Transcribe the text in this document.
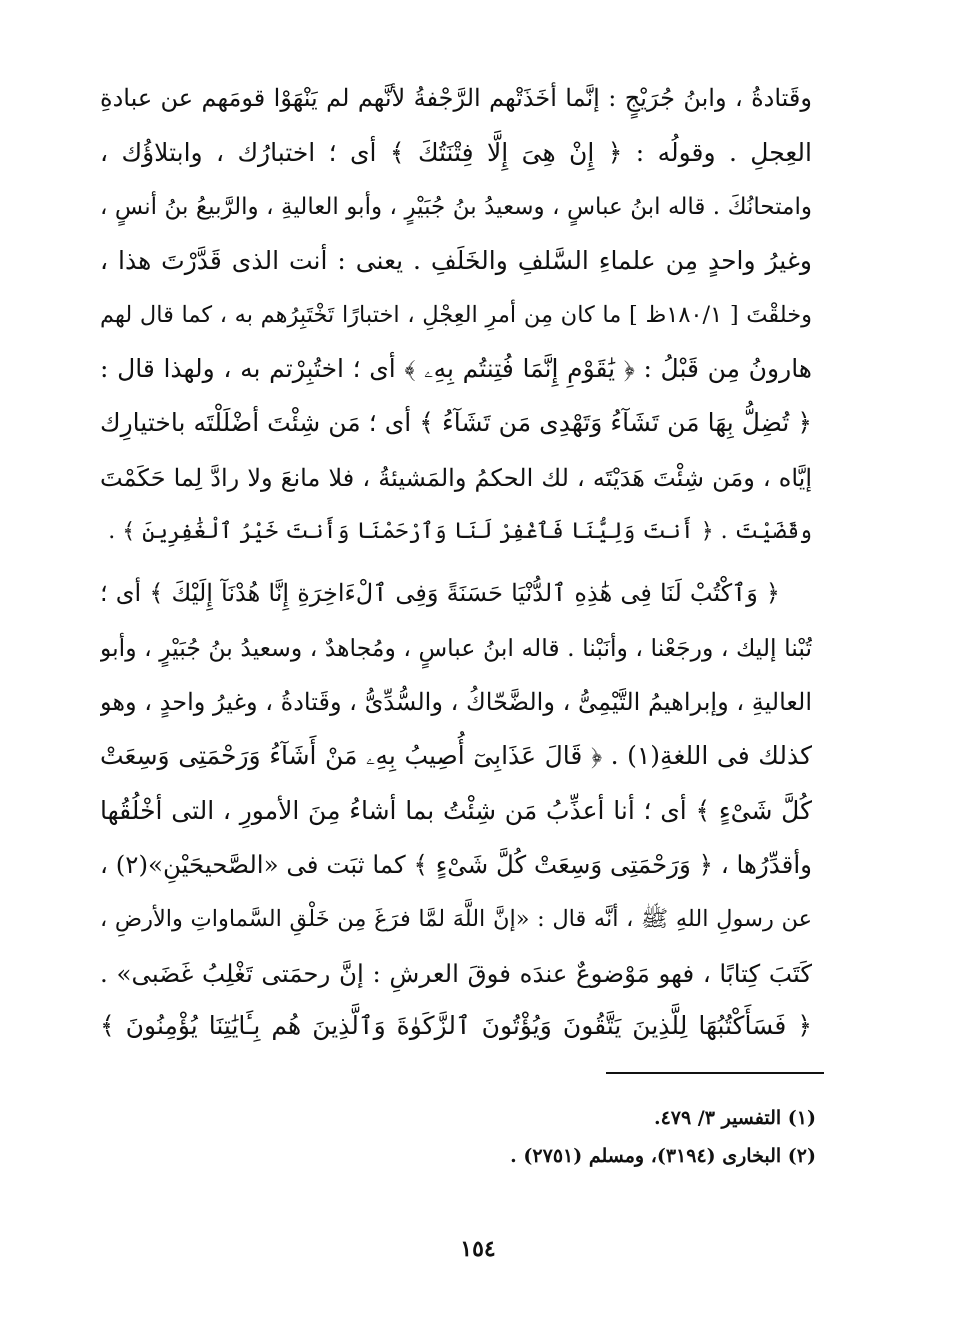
وقَتادةُ ، وابنُ جُرَيْجٍ : إنَّما أخَذَتْهم الرَّجْفةُ لأنَّهم لم يَنْهَوْا قومَهم عن عبادةِ
العِجلِ . وقولُه : ﴿ إِنْ هِىَ إِلَّا فِتْنَتُكَ ﴾ أى ؛ اختبارُك ، وابتلاؤُك ،
وامتحانُكَ . قاله ابنُ عباسٍ ، وسعيدُ بنُ جُبَيْرٍ ، وأبو العاليةِ ، والرَّبيعُ بنُ أنسٍ ،
وغيرُ واحدٍ مِن علماءِ السَّلفِ والخَلَفِ . يعنى : أنت الذى قَدَّرْتَ هذا ،
وخلقْتَ [ ١٨٠/١ظ ] ما كان مِن أمرِ العِجْلِ ، اختبارًا تَخْتَبِرُهم به ، كما قال لهم
هارونُ مِن قَبْلُ : ﴿ يَٰقَوْمِ إِنَّمَا فُتِنتُم بِهِۦ ﴾ أى ؛ اختُبِرْتم به ، ولهذا قال :
﴿ تُضِلُّ بِهَا مَن تَشَآءُ وَتَهْدِى مَن تَشَآءُ ﴾ أى ؛ مَن شِئْتَ أضْلَلْتَه باختيارِك
إيَّاه ، ومَن شِئْتَ هَدَيْتَه ، لك الحكمُ والمَشيئةُ ، فلا مانعَ ولا رادَّ لِما حَكَمْتَ
وقَضَيْتَ . ﴿ أَنتَ وَلِيُّنَا فَٱغْفِرْ لَنَا وَٱرْحَمْنَا وَأَنتَ خَيْرُ ٱلْغَٰفِرِينَ ﴾ .
﴿ وَٱكْتُبْ لَنَا فِى هَٰذِهِ ٱلدُّنْيَا حَسَنَةً وَفِى ٱلْءَاخِرَةِ إِنَّا هُدْنَآ إِلَيْكَ ﴾ أى ؛
تُبْنا إليك ، ورجَعْنا ، وأنَبْنا . قاله ابنُ عباسٍ ، ومُجاهدٌ ، وسعيدُ بنُ جُبَيْرٍ ، وأبو
العاليةِ ، وإبراهيمُ التَّيْمِىُّ ، والضَّحّاكُ ، والسُّدِّىُّ ، وقَتادةُ ، وغيرُ واحدٍ ، وهو
كذلك فى اللغةِ(١) . ﴿ قَالَ عَذَابِىٓ أُصِيبُ بِهِۦ مَنْ أَشَآءُ وَرَحْمَتِى وَسِعَتْ
كُلَّ شَىْءٍ ﴾ أى ؛ أنا أعذِّبُ مَن شِئْتُ بما أشاءُ مِنَ الأمورِ ، التى أخْلُقُها
وأقدِّرُها ، ﴿ وَرَحْمَتِى وَسِعَتْ كُلَّ شَىْءٍ ﴾ كما ثبَت فى «الصَّحيحَيْنِ»(٢) ،
عن رسولِ اللهِ ﷺ ، أنَّه قال : «إنَّ اللَّهَ لمَّا فرَغَ مِن خَلْقِ السَّماواتِ والأرضِ ،
كَتَبَ كِتابًا ، فهو مَوْضوعٌ عندَه فوقَ العرشِ : إنَّ رحمَتى تَغْلِبُ غَضَبى» .
﴿ فَسَأَكْتُبُهَا لِلَّذِينَ يَتَّقُونَ وَيُؤْتُونَ ٱلزَّكَوٰةَ وَٱلَّذِينَ هُم بِـَٔايَٰتِنَا يُؤْمِنُونَ ﴾
(١) التفسير ٣/ ٤٧٩.
(٢) البخارى (٣١٩٤)، ومسلم (٢٧٥١) .
١٥٤
